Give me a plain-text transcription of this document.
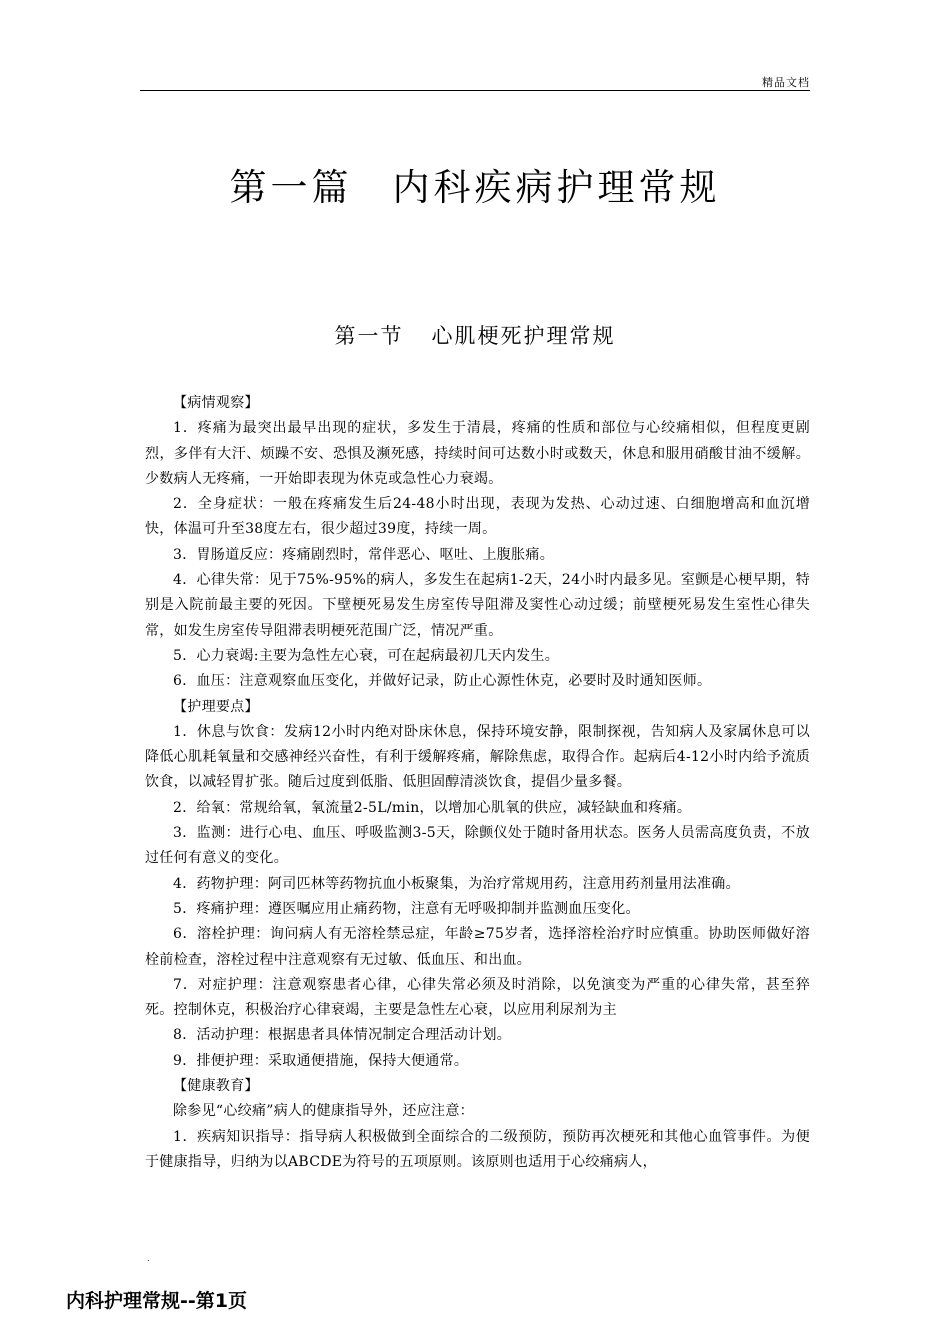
精品文档
第一篇 内科疾病护理常规
第一节 心肌梗死护理常规

【病情观察】

1．疼痛为最突出最早出现的症状，多发生于清晨，疼痛的性质和部位与心绞痛相似，但程度更剧烈，多伴有大汗、烦躁不安、恐惧及濒死感，持续时间可达数小时或数天，休息和服用硝酸甘油不缓解。少数病人无疼痛，一开始即表现为休克或急性心力衰竭。

2．全身症状：一般在疼痛发生后24-48小时出现，表现为发热、心动过速、白细胞增高和血沉增快，体温可升至38度左右，很少超过39度，持续一周。

3．胃肠道反应：疼痛剧烈时，常伴恶心、呕吐、上腹胀痛。

4．心律失常：见于75%-95%的病人，多发生在起病1-2天，24小时内最多见。室颤是心梗早期，特别是入院前最主要的死因。下壁梗死易发生房室传导阻滞及窦性心动过缓；前壁梗死易发生室性心律失常，如发生房室传导阻滞表明梗死范围广泛，情况严重。

5．心力衰竭:主要为急性左心衰，可在起病最初几天内发生。

6．血压：注意观察血压变化，并做好记录，防止心源性休克，必要时及时通知医师。

【护理要点】

1．休息与饮食：发病12小时内绝对卧床休息，保持环境安静，限制探视，告知病人及家属休息可以降低心肌耗氧量和交感神经兴奋性，有利于缓解疼痛，解除焦虑，取得合作。起病后4-12小时内给予流质饮食，以减轻胃扩张。随后过度到低脂、低胆固醇清淡饮食，提倡少量多餐。

2．给氧：常规给氧，氧流量2-5L/min，以增加心肌氧的供应，减轻缺血和疼痛。

3．监测：进行心电、血压、呼吸监测3-5天，除颤仪处于随时备用状态。医务人员需高度负责，不放过任何有意义的变化。

4．药物护理：阿司匹林等药物抗血小板聚集，为治疗常规用药，注意用药剂量用法准确。

5．疼痛护理：遵医嘱应用止痛药物，注意有无呼吸抑制并监测血压变化。

6．溶栓护理：询问病人有无溶栓禁忌症，年龄≥75岁者，选择溶栓治疗时应慎重。协助医师做好溶栓前检查，溶栓过程中注意观察有无过敏、低血压、和出血。

7．对症护理：注意观察患者心律，心律失常必须及时消除，以免演变为严重的心律失常，甚至猝死。控制休克，积极治疗心律衰竭，主要是急性左心衰，以应用利尿剂为主

8．活动护理：根据患者具体情况制定合理活动计划。

9．排便护理：采取通便措施，保持大便通常。

【健康教育】

除参见“心绞痛”病人的健康指导外，还应注意：

1．疾病知识指导：指导病人积极做到全面综合的二级预防，预防再次梗死和其他心血管事件。为便于健康指导，归纳为以ABCDE为符号的五项原则。该原则也适用于心绞痛病人，

.
内科护理常规--第1页
